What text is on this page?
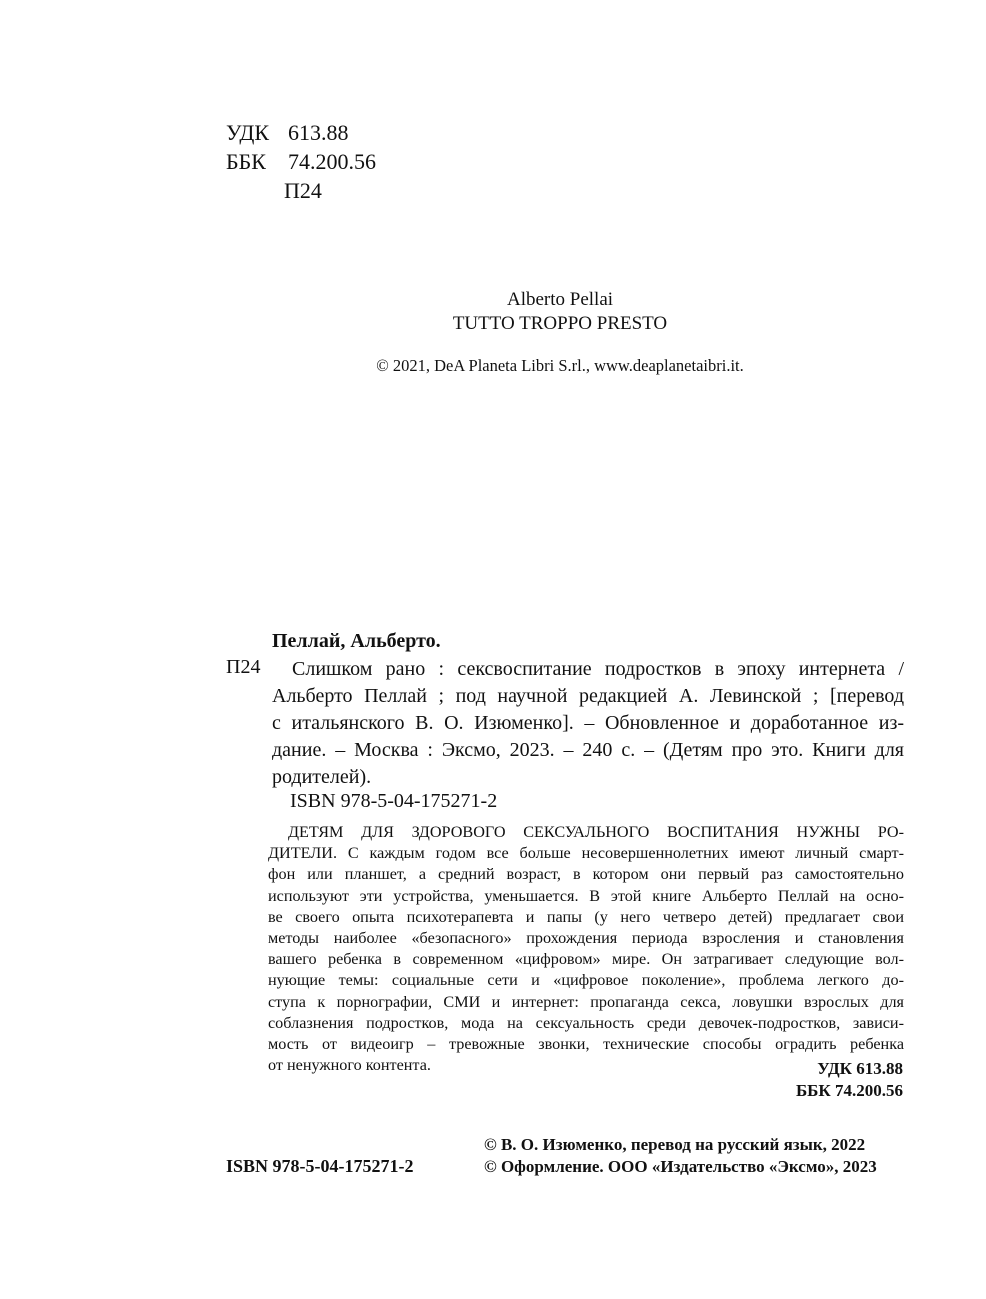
УДК 613.88
ББК 74.200.56
П24
Alberto Pellai
TUTTO TROPPO PRESTO
© 2021, DeA Planeta Libri S.rl., www.deaplanetaibri.it.
Пеллай, Альберто.
П24	Слишком рано : сексвоспитание подростков в эпоху интернета /
Альберто Пеллай ; под научной редакцией А. Левинской ; [перевод
с итальянского В. О. Изюменко]. – Обновленное и доработанное из-
дание. – Москва : Эксмо, 2023. – 240 с. – (Детям про это. Книги для
родителей).
ISBN 978-5-04-175271-2
ДЕТЯМ ДЛЯ ЗДОРОВОГО СЕКСУАЛЬНОГО ВОСПИТАНИЯ НУЖНЫ РО-
ДИТЕЛИ. С каждым годом все больше несовершеннолетних имеют личный смарт-
фон или планшет, а средний возраст, в котором они первый раз самостоятельно
используют эти устройства, уменьшается. В этой книге Альберто Пеллай на осно-
ве своего опыта психотерапевта и папы (у него четверо детей) предлагает свои
методы наиболее «безопасного» прохождения периода взросления и становления
вашего ребенка в современном «цифровом» мире. Он затрагивает следующие вол-
нующие темы: социальные сети и «цифровое поколение», проблема легкого до-
ступа к порнографии, СМИ и интернет: пропаганда секса, ловушки взрослых для
соблазнения подростков, мода на сексуальность среди девочек-подростков, зависи-
мость от видеоигр – тревожные звонки, технические способы оградить ребенка
от ненужного контента.	УДК 613.88
ББК 74.200.56
ISBN 978-5-04-175271-2
© В. О. Изюменко, перевод на русский язык, 2022
© Оформление. ООО «Издательство «Эксмо», 2023
